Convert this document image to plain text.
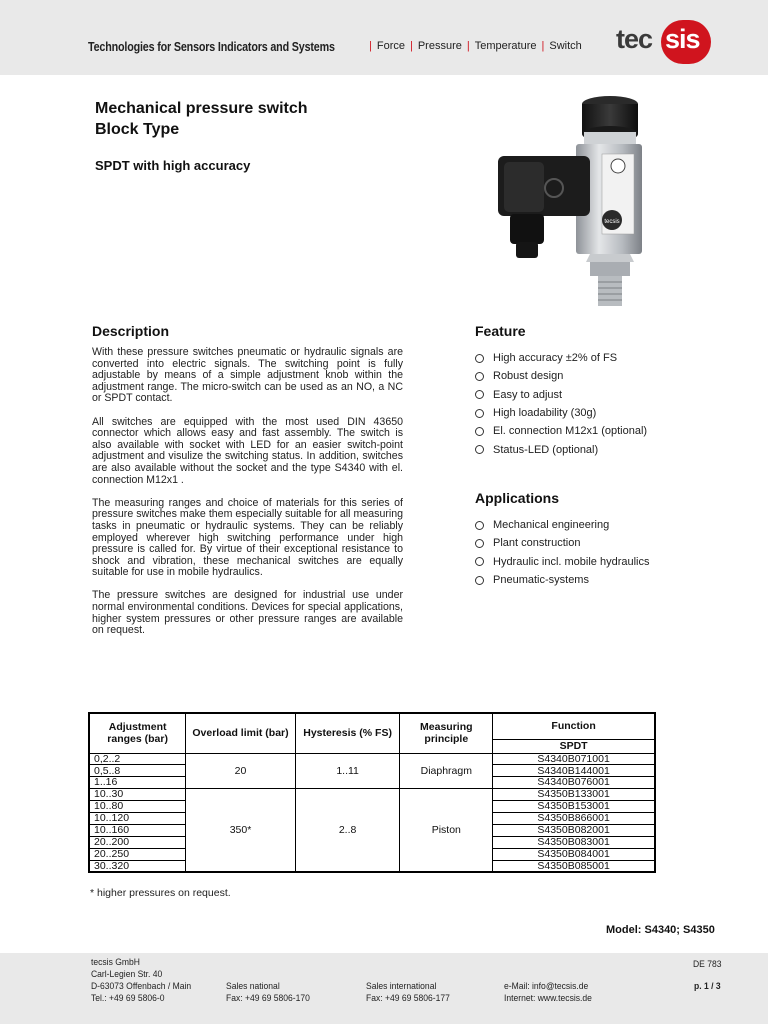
Technologies for Sensors Indicators and Systems	| Force | Pressure | Temperature | Switch tec sis
Mechanical pressure switch
Block Type
SPDT with high accuracy
tecsis
Description

With these pressure switches pneumatic or hydraulic signals are converted into electric signals. The switching point is fully adjustable by means of a simple adjustment knob within the adjustment range. The micro-switch can be used as an NO, a NC or SPDT contact.

All switches are equipped with the most used DIN 43650 connector which allows easy and fast assembly. The switch is also available with socket with LED for an easier switch-point adjustment and visulize the switching status. In addition, switches are also available without the socket and the type S4340 with el. connection M12x1 .

The measuring ranges and choice of materials for this series of pressure switches make them especially suitable for all measuring tasks in pneumatic or hydraulic systems. They can be reliably employed wherever high switching performance under high pressure is called for. By virtue of their exceptional resistance to shock and vibration, these mechanical switches are equally suitable for use in mobile hydraulics.

The pressure switches are designed for industrial use under normal environmental conditions. Devices for special applications, higher system pressures or other pressure ranges are available on request.

Feature
High accuracy ±2% of FS
Robust design
Easy to adjust
High loadability (30g)
El. connection M12x1 (optional)
Status-LED (optional)
Applications
Mechanical engineering
Plant construction
Hydraulic incl. mobile hydraulics
Pneumatic-systems
Adjustment ranges (bar)	Overload limit (bar)	Hysteresis (% FS)	Measuring principle	Function
				SPDT
0,2..2	20	1..11	Diaphragm	S4340B071001
0,5..8				S4340B144001
1..16				S4340B076001
10..30	350*	2..8	Piston	S4350B133001
10..80				S4350B153001
10..120				S4350B866001
10..160				S4350B082001
20..200				S4350B083001
20..250				S4350B084001
30..320				S4350B085001
* higher pressures on request.
Model: S4340; S4350
tecsis GmbH
Carl-Legien Str. 40
D-63073 Offenbach / Main
Tel.: +49 69 5806-0
Sales national
Fax: +49 69 5806-170
Sales international
Fax: +49 69 5806-177
e-Mail: info@tecsis.de
Internet: www.tecsis.de
DE 783
p. 1 / 3
